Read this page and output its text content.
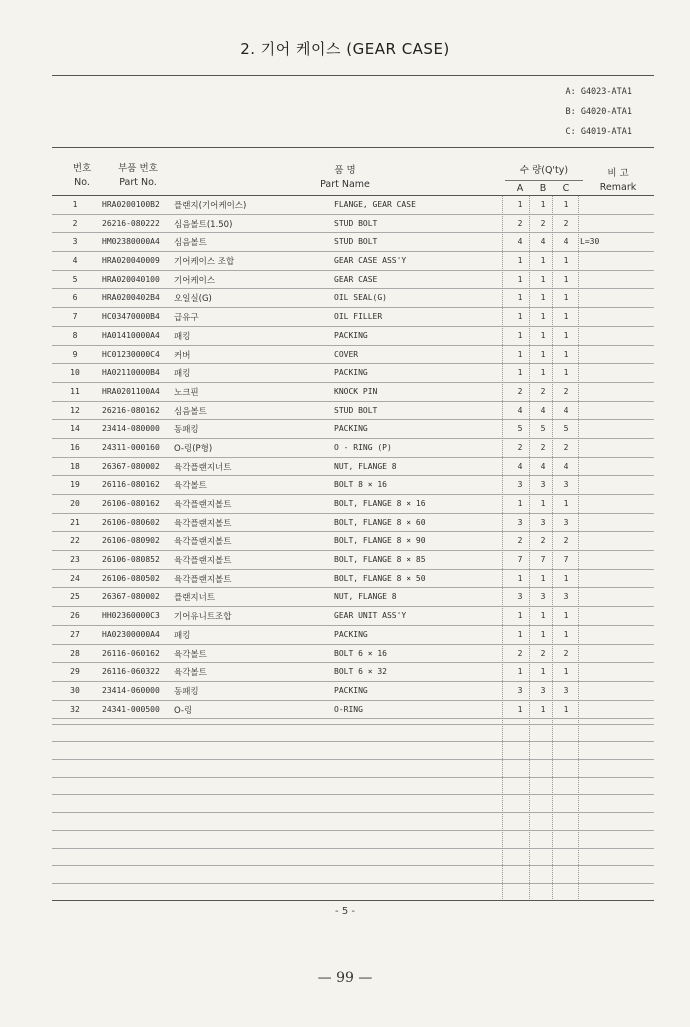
2. 기어 케이스 (GEAR CASE)
A: G4023-ATA1
B: G4020-ATA1
C: G4019-ATA1
번호
No.
부품 번호
Part No.
품 명
Part Name
수 량(Q'ty)
A	B	C
비 고
Remark
1	HRA0200100B2 플랜지(기어케이스)	FLANGE, GEAR CASE	1	1	1
2	26216-080222 심음볼트(1.50)	STUD BOLT	2	2	2
3	HM02380000A4 심음볼트	STUD BOLT	4	4	4	L=30
4	HRA020040009 기어케이스 조합	GEAR CASE ASS'Y	1	1	1
5	HRA020040100 기어케이스	GEAR CASE	1	1	1
6	HRA0200402B4 오일실(G)	OIL SEAL(G)	1	1	1
7	HC03470000B4 급유구	OIL FILLER	1	1	1
8	HA01410000A4 패킹	PACKING	1	1	1
9	HC01230000C4 커버	COVER	1	1	1
10	HA02110000B4 패킹	PACKING	1	1	1
11	HRA0201100A4 노크핀	KNOCK PIN	2	2	2
12	26216-080162 심음볼트	STUD BOLT	4	4	4
14	23414-080000 동패킹	PACKING	5	5	5
16	24311-000160 O-링(P형)	O - RING (P)	2	2	2
18	26367-080002 육각플랜지너트	NUT, FLANGE 8	4	4	4
19	26116-080162 육각볼트	BOLT 8 × 16	3	3	3
20	26106-080162 육각플랜지볼트	BOLT, FLANGE 8 × 16	1	1	1
21	26106-080602 육각플랜지볼트	BOLT, FLANGE 8 × 60	3	3	3
22	26106-080902 육각플랜지볼트	BOLT, FLANGE 8 × 90	2	2	2
23	26106-080852 육각플랜지볼트	BOLT, FLANGE 8 × 85	7	7	7
24	26106-080502 육각플랜지볼트	BOLT, FLANGE 8 × 50	1	1	1
25	26367-080002 플랜지너트	NUT, FLANGE 8	3	3	3
26	HH02360000C3 기어유니트조합	GEAR UNIT ASS'Y	1	1	1
27	HA02300000A4 패킹	PACKING	1	1	1
28	26116-060162 육각볼트	BOLT 6 × 16	2	2	2
29	26116-060322 육각볼트	BOLT 6 × 32	1	1	1
30	23414-060000 동패킹	PACKING	3	3	3
32	24341-000500 O-링	O-RING	1	1	1
- 5 -
— 99 —
